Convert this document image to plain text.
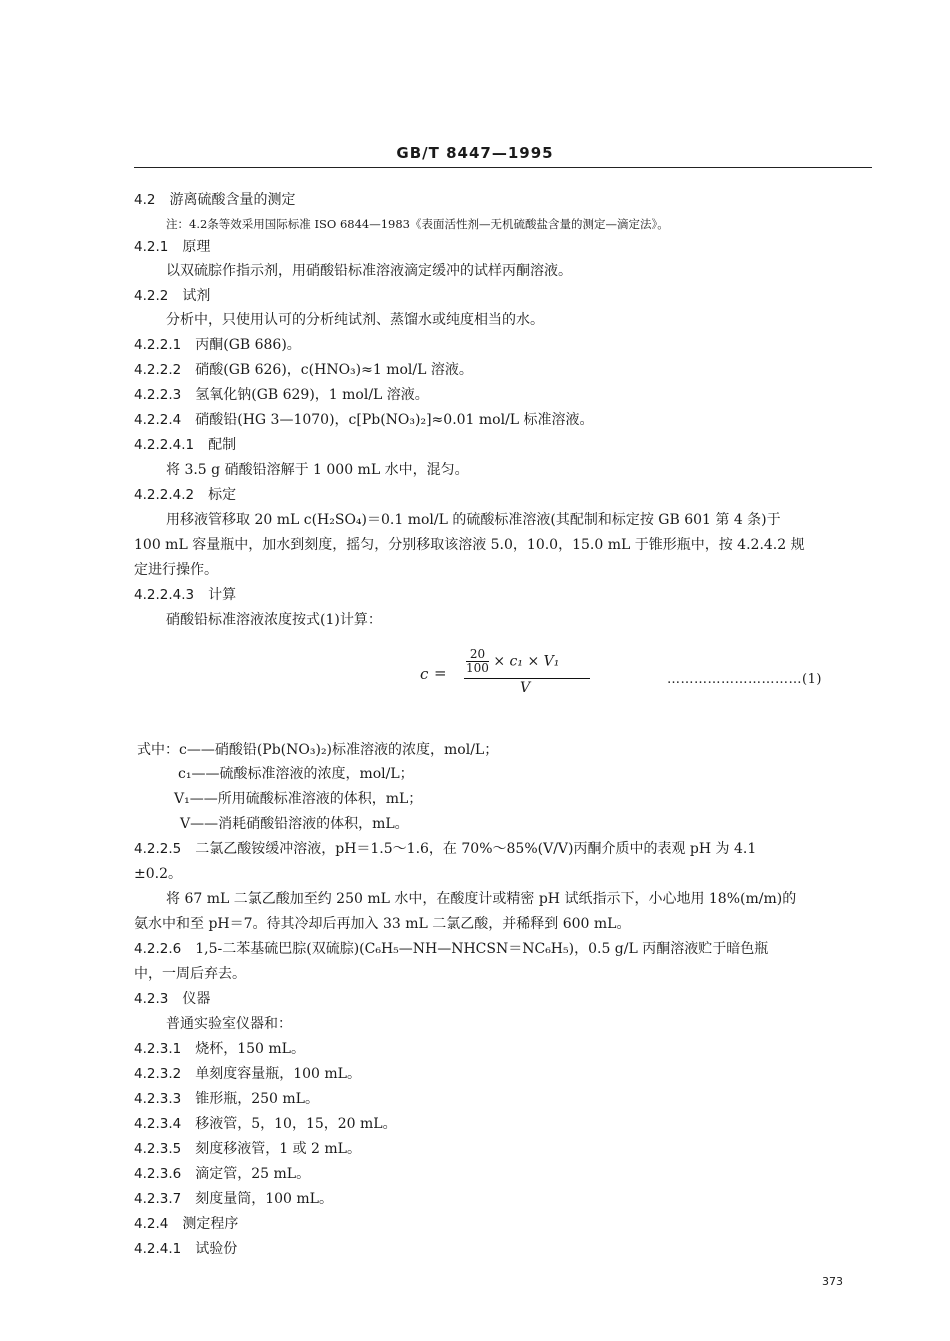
GB/T 8447—1995
4.2 游离硫酸含量的测定
注：4.2条等效采用国际标准 ISO 6844—1983《表面活性剂—无机硫酸盐含量的测定—滴定法》。
4.2.1 原理
以双硫腙作指示剂，用硝酸铅标准溶液滴定缓冲的试样丙酮溶液。
4.2.2 试剂
分析中，只使用认可的分析纯试剂、蒸馏水或纯度相当的水。
4.2.2.1 丙酮(GB 686)。
4.2.2.2 硝酸(GB 626)，c(HNO₃)≈1 mol/L 溶液。
4.2.2.3 氢氧化钠(GB 629)，1 mol/L 溶液。
4.2.2.4 硝酸铅(HG 3—1070)，c[Pb(NO₃)₂]≈0.01 mol/L 标准溶液。
4.2.2.4.1 配制
将 3.5 g 硝酸铅溶解于 1 000 mL 水中，混匀。
4.2.2.4.2 标定
用移液管移取 20 mL c(H₂SO₄)＝0.1 mol/L 的硫酸标准溶液(其配制和标定按 GB 601 第 4 条)于
100 mL 容量瓶中，加水到刻度，摇匀，分别移取该溶液 5.0，10.0，15.0 mL 于锥形瓶中，按 4.2.4.2 规
定进行操作。
4.2.2.4.3 计算
硝酸铅标准溶液浓度按式(1)计算：
$c = \frac{20}{100} \times c_1 \times V_1$
V
…………………………(1)
式中：c——硝酸铅(Pb(NO₃)₂)标准溶液的浓度，mol/L；
c₁——硫酸标准溶液的浓度，mol/L；
V₁——所用硫酸标准溶液的体积，mL；
V——消耗硝酸铅溶液的体积，mL。
4.2.2.5 二氯乙酸铵缓冲溶液，pH＝1.5～1.6，在 70%～85%(V/V)丙酮介质中的表观 pH 为 4.1
±0.2。
将 67 mL 二氯乙酸加至约 250 mL 水中，在酸度计或精密 pH 试纸指示下，小心地用 18%(m/m)的
氨水中和至 pH＝7。待其冷却后再加入 33 mL 二氯乙酸，并稀释到 600 mL。
4.2.2.6 1,5-二苯基硫巴腙(双硫腙)(C₆H₅—NH—NHCSN＝NC₆H₅)，0.5 g/L 丙酮溶液贮于暗色瓶
中，一周后弃去。
4.2.3 仪器
普通实验室仪器和：
4.2.3.1 烧杯，150 mL。
4.2.3.2 单刻度容量瓶，100 mL。
4.2.3.3 锥形瓶，250 mL。
4.2.3.4 移液管，5，10，15，20 mL。
4.2.3.5 刻度移液管，1 或 2 mL。
4.2.3.6 滴定管，25 mL。
4.2.3.7 刻度量筒，100 mL。
4.2.4 测定程序
4.2.4.1 试验份
373
